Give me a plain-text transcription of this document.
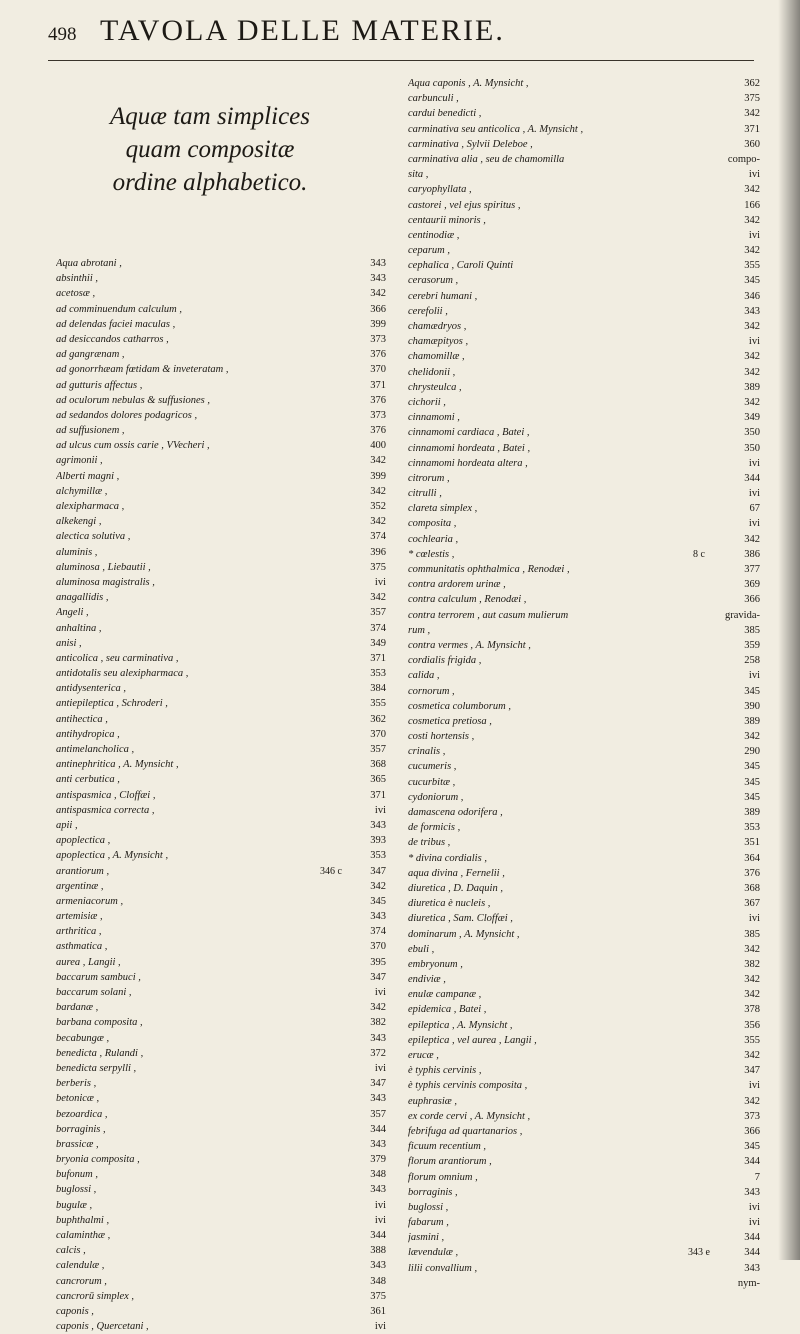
498 TAVOLA DELLE MATERIE.
Aquæ tam simplices quam compositæ ordine alphabetico.
Aqua abrotani ,	343
absinthii ,	343
acetosæ ,	342
ad comminuendum calculum ,	366
ad delendas faciei maculas ,	399
ad desiccandos catharros ,	373
ad gangrænam ,	376
ad gonorrhæam fœtidam & inveteratam ,	370
ad gutturis affectus ,	371
ad oculorum nebulas & suffusiones ,	376
ad sedandos dolores podagricos ,	373
ad suffusionem ,	376
ad ulcus cum ossis carie , VVecheri ,	400
agrimonii ,	342
Alberti magni ,	399
alchymillæ ,	342
alexipharmaca ,	352
alkekengi ,	342
alectica solutiva ,	374
aluminis ,	396
aluminosa , Liebautii ,	375
aluminosa magistralis ,	ivi
anagallidis ,	342
Angeli ,	357
anhaltina ,	374
anisi ,	349
anticolica , seu carminativa ,	371
antidotalis seu alexipharmaca ,	353
antidysenterica ,	384
antiepileptica , Schroderi ,	355
antihectica ,	362
antihydropica ,	370
antimelancholica ,	357
antinephritica , A. Mynsicht ,	368
anti cerbutica ,	365
antispasmica , Cloffæi ,	371
antispasmica correcta ,	ivi
apii ,	343
apoplectica ,	393
apoplectica , A. Mynsicht ,	353
arantiorum ,	346 c	347
argentinæ ,	342
armeniacorum ,	345
artemisiæ ,	343
arthritica ,	374
asthmatica ,	370
aurea , Langii ,	395
baccarum sambuci ,	347
baccarum solani ,	ivi
bardanæ ,	342
barbana composita ,	382
becabungæ ,	343
benedicta , Rulandi ,	372
benedicta serpylli ,	ivi
berberis ,	347
betonicæ ,	343
bezoardica ,	357
borraginis ,	344
brassicæ ,	343
bryonia composita ,	379
bufonum ,	348
buglossi ,	343
bugulæ ,	ivi
buphthalmi ,	ivi
calaminthæ ,	344
calcis ,	388
calendulæ ,	343
cancrorum ,	348
cancrorū simplex ,	375
caponis ,	361
caponis , Quercetani ,	ivi
Aqua caponis , A. Mynsicht ,	362
carbunculi ,	375
cardui benedicti ,	342
carminativa seu anticolica , A. Mynsicht ,	371
carminativa , Sylvii Deleboe ,	360
carminativa alia , seu de chamomilla	compo-
sita ,	ivi
caryophyllata ,	342
castorei , vel ejus spiritus ,	166
centaurii minoris ,	342
centinodiæ ,	ivi
ceparum ,	342
cephalica , Caroli Quinti	355
cerasorum ,	345
cerebri humani ,	346
cerefolii ,	343
chamædryos ,	342
chamæpityos ,	ivi
chamomillæ ,	342
chelidonii ,	342
chrysteulca ,	389
cichorii ,	342
cinnamomi ,	349
cinnamomi cardiaca , Batei ,	350
cinnamomi hordeata , Batei ,	350
cinnamomi hordeata altera ,	ivi
citrorum ,	344
citrulli ,	ivi
clareta simplex ,	67
composita ,	ivi
cochlearia ,	342
* cœlestis ,	8 c	386
communitatis ophthalmica , Renodæi ,	377
contra ardorem urinæ ,	369
contra calculum , Renodæi ,	366
contra terrorem , aut casum mulierum	gravida-
rum ,	385
contra vermes , A. Mynsicht ,	359
cordialis frigida ,	258
calida ,	ivi
cornorum ,	345
cosmetica columborum ,	390
cosmetica pretiosa ,	389
costi hortensis ,	342
crinalis ,	290
cucumeris ,	345
cucurbitæ ,	345
cydoniorum ,	345
damascena odorifera ,	389
de formicis ,	353
de tribus ,	351
* divina cordialis ,	364
aqua divina , Fernelii ,	376
diuretica , D. Daquin ,	368
diuretica è nucleis ,	367
diuretica , Sam. Cloffæi ,	ivi
dominarum , A. Mynsicht ,	385
ebuli ,	342
embryonum ,	382
endiviæ ,	342
enulæ campanæ ,	342
epidemica , Batei ,	378
epileptica , A. Mynsicht ,	356
epileptica , vel aurea , Langii ,	355
erucæ ,	342
è typhis cervinis ,	347
è typhis cervinis composita ,	ivi
euphrasiæ ,	342
ex corde cervi , A. Mynsicht ,	373
febrifuga ad quartanarios ,	366
ficuum recentium ,	345
florum arantiorum ,	344
florum omnium ,	7
borraginis ,	343
buglossi ,	ivi
fabarum ,	ivi
jasmini ,	344
lævendulæ ,	343 e	344
lilii convallium ,	343
nym-
